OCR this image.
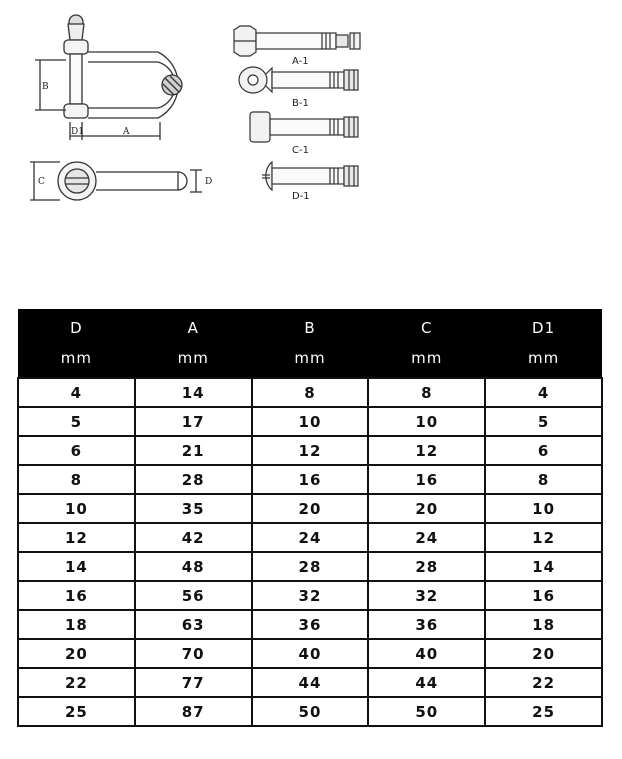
B
D1	A
C	D
A-1
B-1
C-1
D-1
D	A	B	C	D1
mm	mm	mm	mm	mm
4	14	8	8	4
5	17	10	10	5
6	21	12	12	6
8	28	16	16	8
10	35	20	20	10
12	42	24	24	12
14	48	28	28	14
16	56	32	32	16
18	63	36	36	18
20	70	40	40	20
22	77	44	44	22
25	87	50	50	25
